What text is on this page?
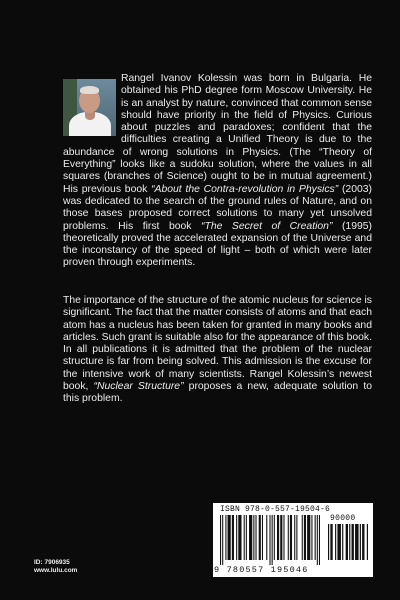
Rangel Ivanov Kolessin was born in Bulgaria. He obtained his PhD degree form Moscow University. He is an analyst by nature, convinced that common sense should have priority in the field of Physics. Curious about puzzles and paradoxes; confident that the difficulties creating a Unified Theory is due to the abundance of wrong solutions in Physics. (The “Theory of Everything” looks like a sudoku solution, where the values in all squares (branches of Science) ought to be in mutual agreement.) His previous book “About the Contra-revolution in Physics” (2003) was dedicated to the search of the ground rules of Nature, and on those bases proposed correct solutions to many yet unsolved problems. His first book “The Secret of Creation” (1995) theoretically proved the accelerated expansion of the Universe and the inconstancy of the speed of light – both of which were later proven through experiments.

The importance of the structure of the atomic nucleus for science is significant. The fact that the matter consists of atoms and that each atom has a nucleus has been taken for granted in many books and articles. Such grant is suitable also for the appearance of this book. In all publications it is admitted that the problem of the nuclear structure is far from being solved. This admission is the excuse for the intensive work of many scientists. Rangel Kolessin’s newest book, “Nuclear Structure” proposes a new, adequate solution to this problem.

ISBN 978-0-557-19504-6
90000
9 780557 195046
ID: 7906935
www.lulu.com
